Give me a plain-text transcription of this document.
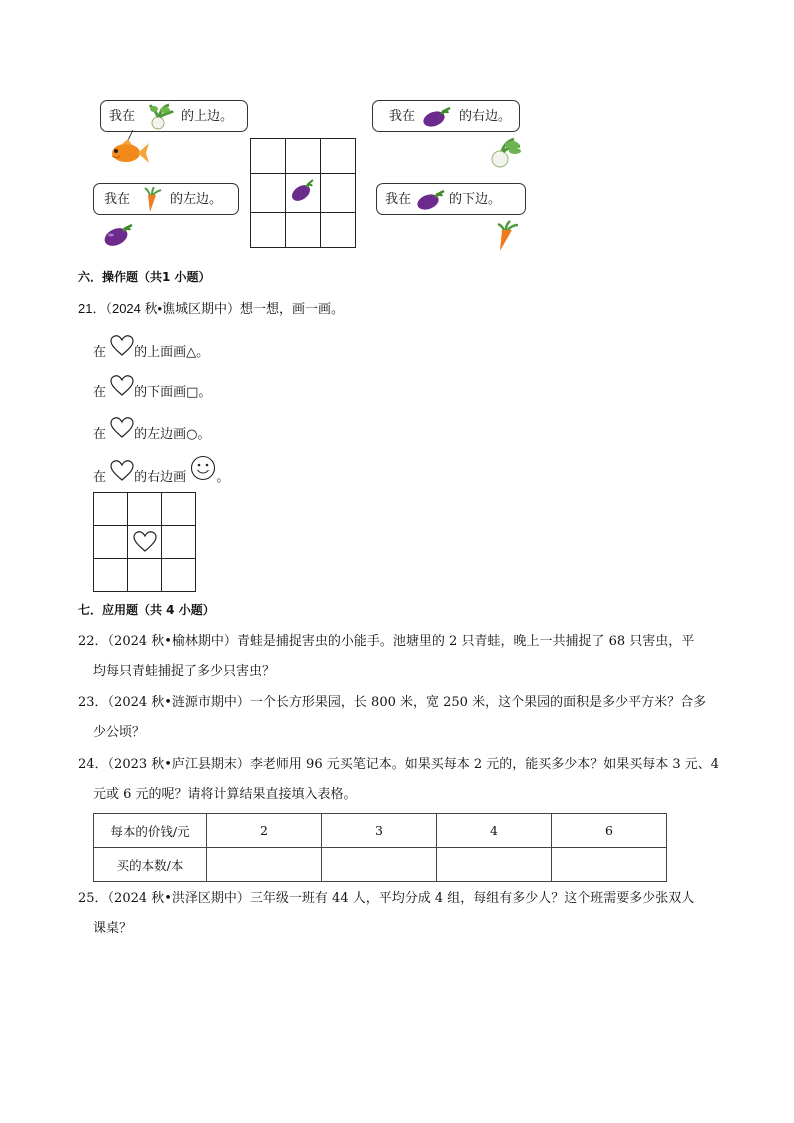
我在	的上边。
我在	的左边。

我在	的右边。
我在	的下边。
六．操作题（共1 小题）
21．（2024 秋•谯城区期中）想一想，画一画。
在 的上面画△。
在 的下面画□。
在 的左边画○。
在 的右边画 。

七．应用题（共 4 小题）
22．（2024 秋•榆林期中）青蛙是捕捉害虫的小能手。池塘里的 2 只青蛙，晚上一共捕捉了 68 只害虫，平
均每只青蛙捕捉了多少只害虫？
23．（2024 秋•涟源市期中）一个长方形果园，长 800 米，宽 250 米，这个果园的面积是多少平方米？合多
少公顷？
24．（2023 秋•庐江县期末）李老师用 96 元买笔记本。如果买每本 2 元的，能买多少本？如果买每本 3 元、4
元或 6 元的呢？请将计算结果直接填入表格。
每本的价钱/元	2	3	4	6
买的本数/本				
25．（2024 秋•洪泽区期中）三年级一班有 44 人，平均分成 4 组，每组有多少人？这个班需要多少张双人
课桌？
